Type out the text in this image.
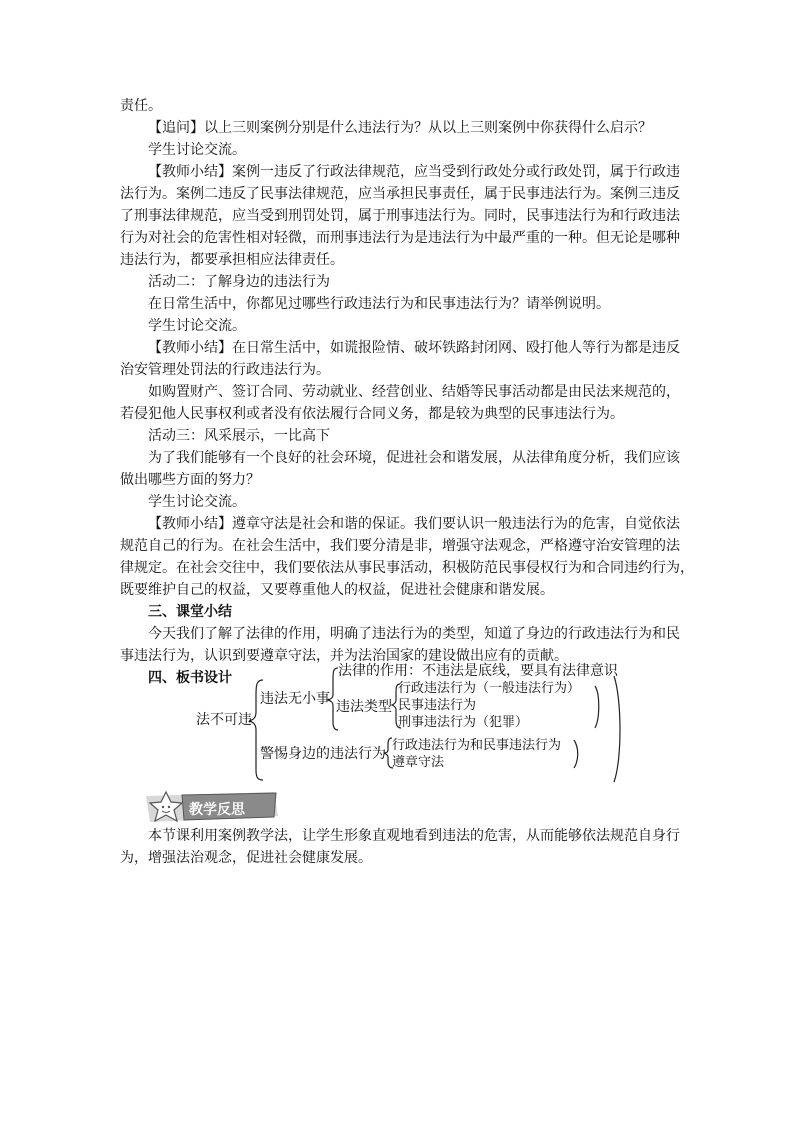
责任。
【追问】以上三则案例分别是什么违法行为？从以上三则案例中你获得什么启示？
学生讨论交流。
【教师小结】案例一违反了行政法律规范，应当受到行政处分或行政处罚，属于行政违
法行为。案例二违反了民事法律规范，应当承担民事责任，属于民事违法行为。案例三违反
了刑事法律规范，应当受到刑罚处罚，属于刑事违法行为。同时，民事违法行为和行政违法
行为对社会的危害性相对轻微，而刑事违法行为是违法行为中最严重的一种。但无论是哪种
违法行为，都要承担相应法律责任。
活动二：了解身边的违法行为
在日常生活中，你都见过哪些行政违法行为和民事违法行为？请举例说明。
学生讨论交流。
【教师小结】在日常生活中，如谎报险情、破坏铁路封闭网、殴打他人等行为都是违反
治安管理处罚法的行政违法行为。
如购置财产、签订合同、劳动就业、经营创业、结婚等民事活动都是由民法来规范的，
若侵犯他人民事权利或者没有依法履行合同义务，都是较为典型的民事违法行为。
活动三：风采展示，一比高下
为了我们能够有一个良好的社会环境，促进社会和谐发展，从法律角度分析，我们应该
做出哪些方面的努力？
学生讨论交流。
【教师小结】遵章守法是社会和谐的保证。我们要认识一般违法行为的危害，自觉依法
规范自己的行为。在社会生活中，我们要分清是非，增强守法观念，严格遵守治安管理的法
律规定。在社会交往中，我们要依法从事民事活动，积极防范民事侵权行为和合同违约行为，
既要维护自己的权益，又要尊重他人的权益，促进社会健康和谐发展。
三、课堂小结
今天我们了解了法律的作用，明确了违法行为的类型，知道了身边的行政违法行为和民
事违法行为，认识到要遵章守法，并为法治国家的建设做出应有的贡献。
四、板书设计
法不可违
违法无小事
法律的作用：不违法是底线，要具有法律意识
违法类型
行政违法行为（一般违法行为）
民事违法行为
刑事违法行为（犯罪）
警惕身边的违法行为
行政违法行为和民事违法行为
遵章守法
教学反思
本节课利用案例教学法，让学生形象直观地看到违法的危害，从而能够依法规范自身行
为，增强法治观念，促进社会健康发展。
